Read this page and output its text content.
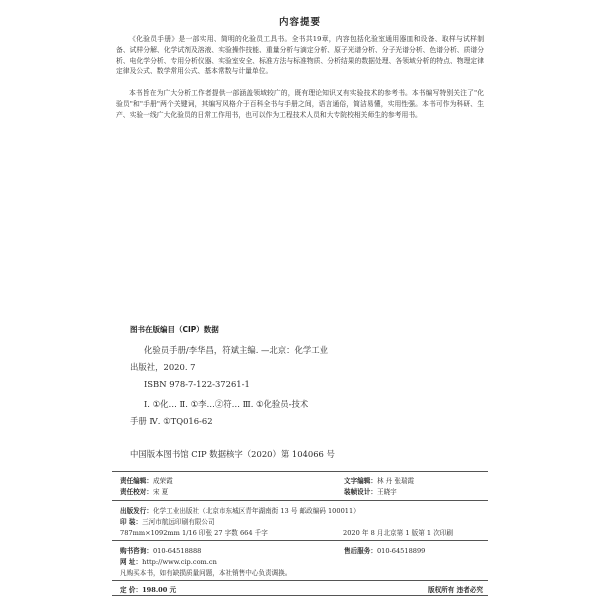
内容提要

《化验员手册》是一部实用、简明的化验员工具书。全书共19章，内容包括化验室通用器皿和设备、取样与试样制备、试样分解、化学试剂及溶液、实验操作技能、重量分析与滴定分析、原子光谱分析、分子光谱分析、色谱分析、质谱分析、电化学分析、专用分析仪器、实验室安全、标准方法与标准物质、分析结果的数据处理、各领域分析的特点、物理定律定律及公式、数学常用公式、基本常数与计量单位。

本书旨在为广大分析工作者提供一部涵盖领域较广的，既有理论知识又有实验技术的参考书。本书编写特别关注了"化验员"和"手册"两个关键词，其编写风格介于百科全书与手册之间，语言通俗，简洁易懂，实用性强。本书可作为科研、生产、实验一线广大化验员的日常工作用书，也可以作为工程技术人员和大专院校相关师生的参考用书。

图书在版编目（CIP）数据
化验员手册/李华昌，符斌主编. —北京：化学工业
出版社，2020. 7
ISBN 978-7-122-37261-1
Ⅰ. ①化… Ⅱ. ①李…②符… Ⅲ. ①化验员-技术
手册 Ⅳ. ①TQ016-62
中国版本图书馆 CIP 数据核字（2020）第 104066 号
责任编辑：成荣霞	文字编辑：林 丹 张瑞霞
责任校对：宋 夏	装帧设计：王晓宇
出版发行：化学工业出版社（北京市东城区青年湖南街 13 号 邮政编码 100011）
印 装：三河市航远印刷有限公司
787mm×1092mm 1/16 印张 27 字数 664 千字	2020 年 8 月北京第 1 版第 1 次印刷
购书咨询：010-64518888	售后服务：010-64518899
网 址：http://www.cip.com.cn
凡购买本书，如有缺损质量问题，本社销售中心负责调换。
定 价：198.00 元	版权所有 违者必究
